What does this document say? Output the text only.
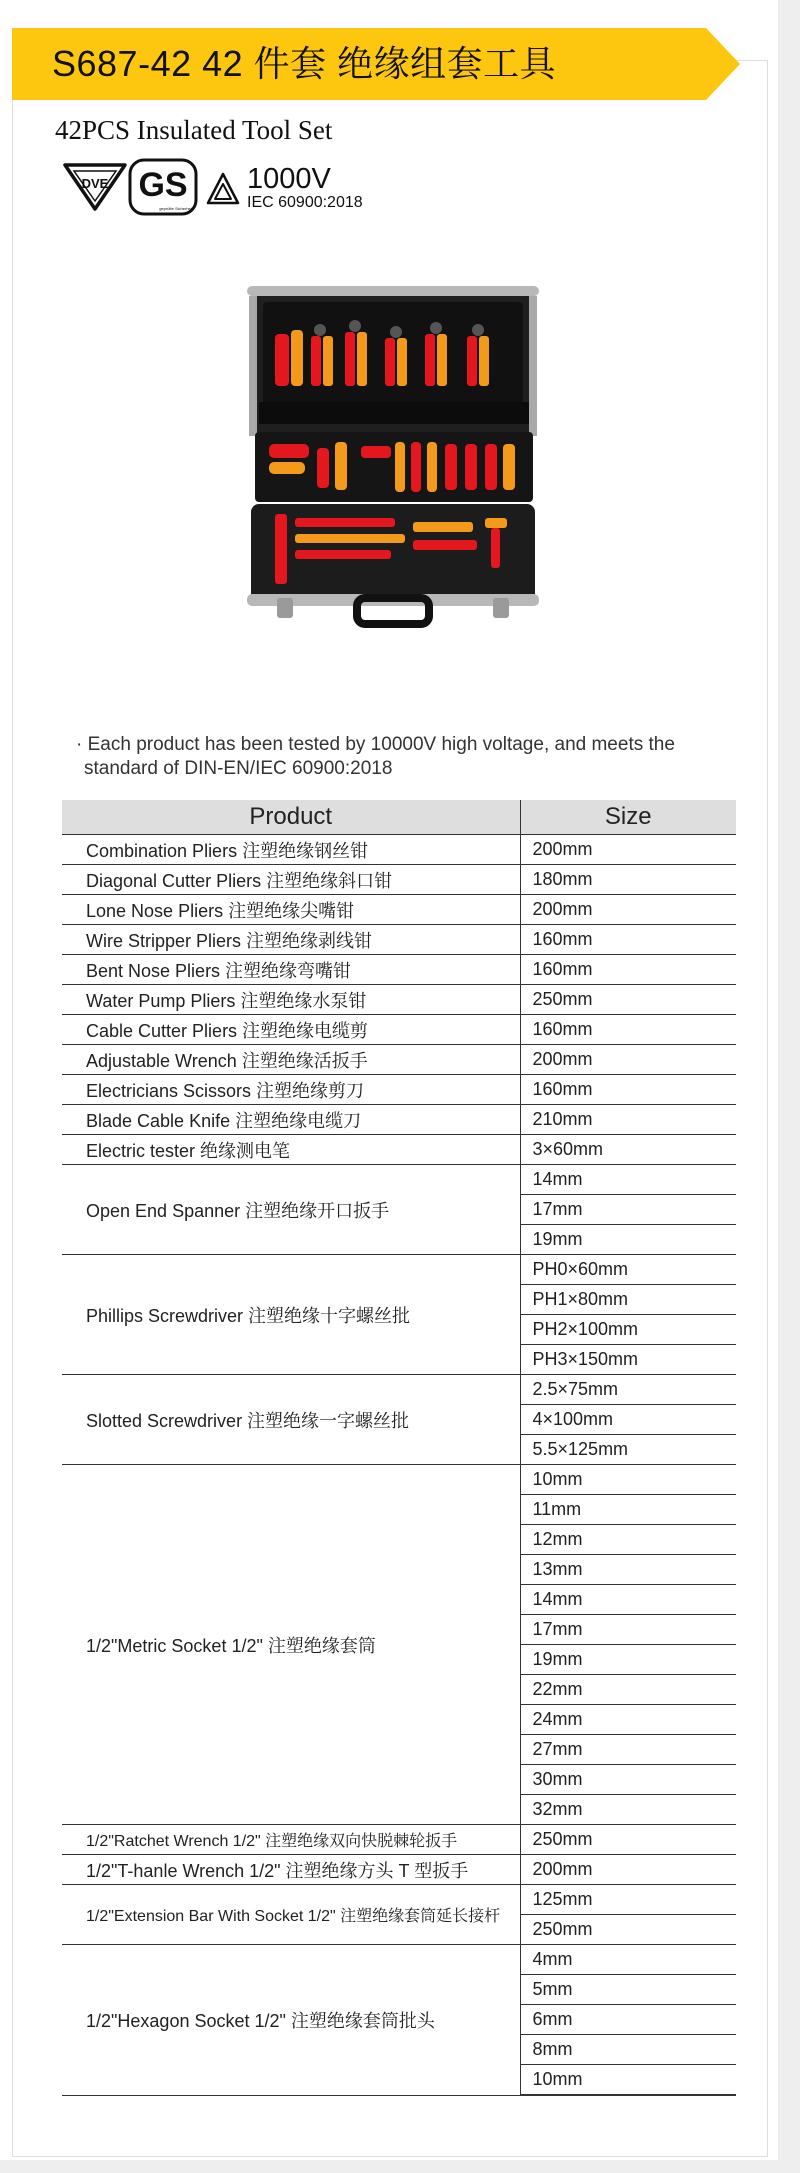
S687-42 42 件套 绝缘组套工具
42PCS Insulated Tool Set
DVE GS
geprüfte Sicherheit
1000V
IEC 60900:2018
· Each product has been tested by 10000V high voltage, and meets the
standard of DIN-EN/IEC 60900:2018
Product	Size
Combination Pliers 注塑绝缘钢丝钳	200mm
Diagonal Cutter Pliers 注塑绝缘斜口钳	180mm
Lone Nose Pliers 注塑绝缘尖嘴钳	200mm
Wire Stripper Pliers 注塑绝缘剥线钳	160mm
Bent Nose Pliers 注塑绝缘弯嘴钳	160mm
Water Pump Pliers 注塑绝缘水泵钳	250mm
Cable Cutter Pliers 注塑绝缘电缆剪	160mm
Adjustable Wrench 注塑绝缘活扳手	200mm
Electricians Scissors 注塑绝缘剪刀	160mm
Blade Cable Knife 注塑绝缘电缆刀	210mm
Electric tester 绝缘测电笔	3×60mm
Open End Spanner 注塑绝缘开口扳手	14mm
	17mm
	19mm
Phillips Screwdriver 注塑绝缘十字螺丝批	PH0×60mm
	PH1×80mm
	PH2×100mm
	PH3×150mm
Slotted Screwdriver 注塑绝缘一字螺丝批	2.5×75mm
	4×100mm
	5.5×125mm
1/2"Metric Socket 1/2" 注塑绝缘套筒	10mm
	11mm
	12mm
	13mm
	14mm
	17mm
	19mm
	22mm
	24mm
	27mm
	30mm
	32mm
1/2"Ratchet Wrench 1/2" 注塑绝缘双向快脱棘轮扳手	250mm
1/2"T-hanle Wrench 1/2" 注塑绝缘方头 T 型扳手	200mm
1/2"Extension Bar With Socket 1/2" 注塑绝缘套筒延长接杆	125mm
	250mm
1/2"Hexagon Socket 1/2" 注塑绝缘套筒批头	4mm
	5mm
	6mm
	8mm
	10mm
